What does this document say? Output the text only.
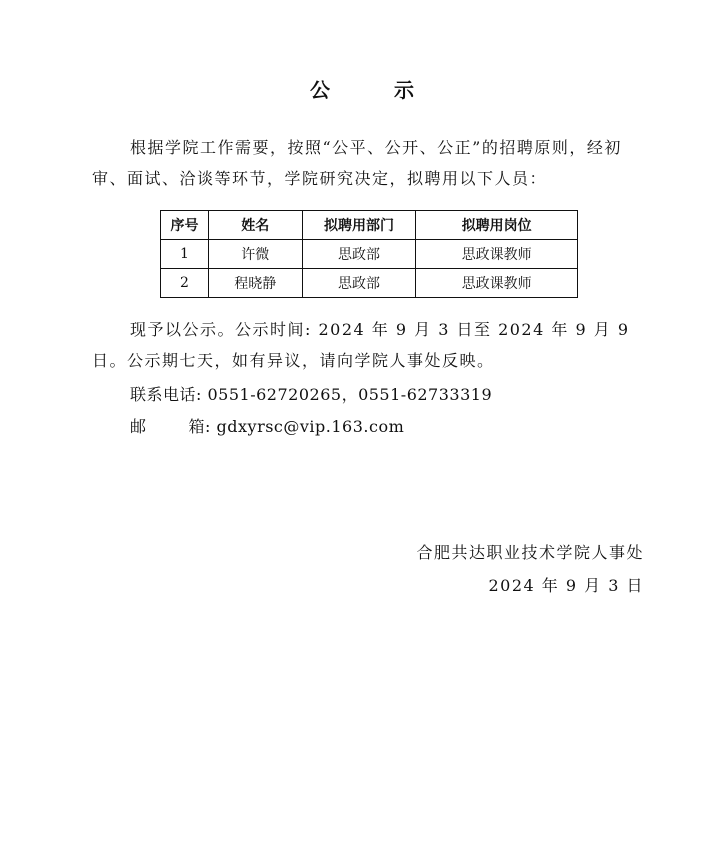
公　示
根据学院工作需要，按照“公平、公开、公正”的招聘原则，经初审、面试、洽谈等环节，学院研究决定，拟聘用以下人员：
序号	姓名	拟聘用部门	拟聘用岗位
1	许微	思政部	思政课教师
2	程晓静	思政部	思政课教师
现予以公示。公示时间: 2024 年 9 月 3 日至 2024 年 9 月 9 日。公示期七天，如有异议，请向学院人事处反映。
联系电话: 0551-62720265，0551-62733319
邮	箱: gdxyrsc@vip.163.com
合肥共达职业技术学院人事处
2024 年 9 月 3 日
